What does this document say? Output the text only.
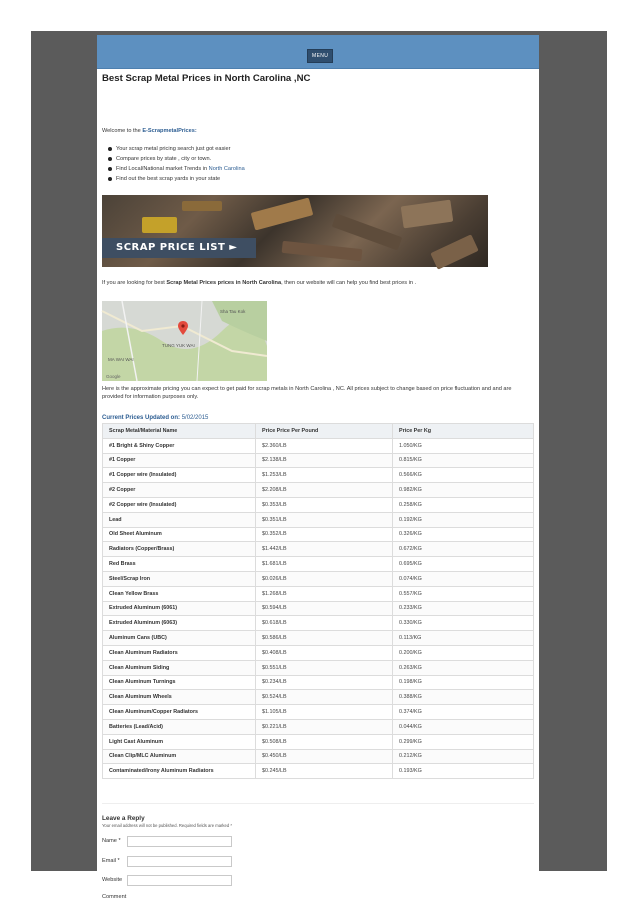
MENU
Best Scrap Metal Prices in North Carolina ,NC
Welcome to the E-ScrapmetalPrices:
Your scrap metal pricing search just got easier
Compare prices by state , city or town.
Find Local/National market Trends in North Carolina
Find out the best scrap yards in your state
SCRAP PRICE LIST ►
If you are looking for best Scrap Metal Prices prices in North Carolina, then our website will can help you find best prices in .
TUNG YUK WAI
MA WAI WAI
Sha Tau Kok
Google
Here is the approximate pricing you can expect to get paid for scrap metals in North Carolina , NC. All prices subject to change based on price fluctuation and and are provided for information purposes only.
Current Prices Updated on: 5/02/2015
Scrap Metal/Material Name	Price Price Per Pound	Price Per Kg
#1 Bright & Shiny Copper	$2.360/LB	1.050/KG
#1 Copper	$2.138/LB	0.815/KG
#1 Copper wire (Insulated)	$1.253/LB	0.566/KG
#2 Copper	$2.208/LB	0.982/KG
#2 Copper wire (Insulated)	$0.353/LB	0.258/KG
Lead	$0.351/LB	0.192/KG
Old Sheet Aluminum	$0.352/LB	0.326/KG
Radiators (Copper/Brass)	$1.442/LB	0.672/KG
Red Brass	$1.681/LB	0.695/KG
Steel/Scrap Iron	$0.026/LB	0.074/KG
Clean Yellow Brass	$1.268/LB	0.557/KG
Extruded Aluminum (6061)	$0.594/LB	0.233/KG
Extruded Aluminum (6063)	$0.618/LB	0.330/KG
Aluminum Cans (UBC)	$0.586/LB	0.113/KG
Clean Aluminum Radiators	$0.408/LB	0.200/KG
Clean Aluminum Siding	$0.551/LB	0.263/KG
Clean Aluminum Turnings	$0.234/LB	0.198/KG
Clean Aluminum Wheels	$0.524/LB	0.388/KG
Clean Aluminum/Copper Radiators	$1.105/LB	0.374/KG
Batteries (Lead/Acid)	$0.221/LB	0.044/KG
Light Cast Aluminum	$0.508/LB	0.299/KG
Clean Clip/MLC Aluminum	$0.450/LB	0.212/KG
Contaminated/Irony Aluminum Radiators	$0.245/LB	0.193/KG
Leave a Reply
Your email address will not be published. Required fields are marked *
Name *
Email *
Website
Comment
